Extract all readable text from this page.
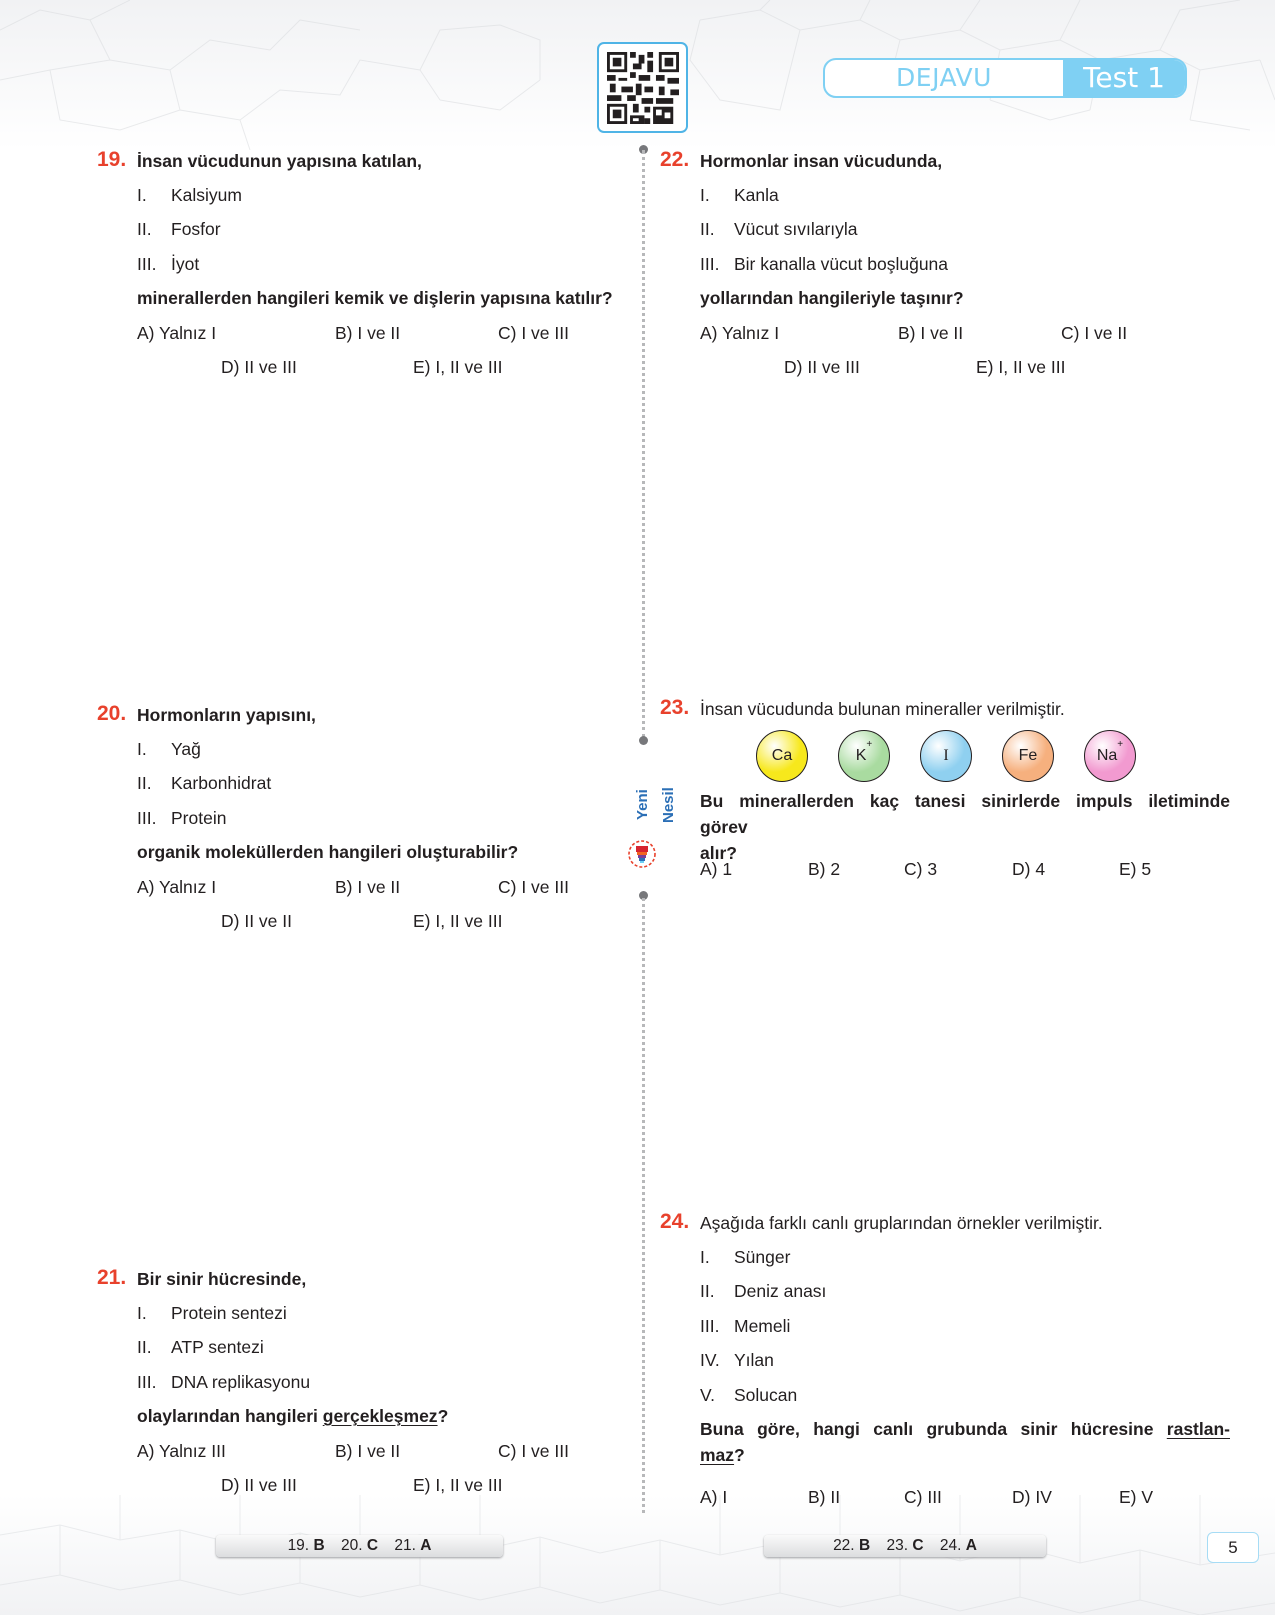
DEJAVU	Test 1
Yeni Nesil
19. İnsan vücudunun yapısına katılan,
I. Kalsiyum
II. Fosfor
III. İyot
minerallerden hangileri kemik ve dişlerin yapısına katılır?
A) Yalnız I	B) I ve II	C) I ve III
D) II ve III	E) I, II ve III
20. Hormonların yapısını,
I. Yağ
II. Karbonhidrat
III. Protein
organik moleküllerden hangileri oluşturabilir?
A) Yalnız I	B) I ve II	C) I ve III
D) II ve II	E) I, II ve III
21. Bir sinir hücresinde,
I. Protein sentezi
II. ATP sentezi
III. DNA replikasyonu
olaylarından hangileri gerçekleşmez?
A) Yalnız III	B) I ve II	C) I ve III
D) II ve III	E) I, II ve III
22. Hormonlar insan vücudunda,
I. Kanla
II. Vücut sıvılarıyla
III. Bir kanalla vücut boşluğuna
yollarından hangileriyle taşınır?
A) Yalnız I	B) I ve II	C) I ve II
D) II ve III	E) I, II ve III
23. İnsan vücudunda bulunan mineraller verilmiştir.
Bu minerallerden kaç tanesi sinirlerde impuls iletiminde
görev alır?
A) 1	B) 2	C) 3	D) 4	E) 5
Ca	K+
I	Fe	Na+
24. Aşağıda farklı canlı gruplarından örnekler verilmiştir.
I. Sünger
II. Deniz anası
III. Memeli
IV. Yılan
V. Solucan
Buna göre, hangi canlı grubunda sinir hücresine rastlan-
maz?
A) I	B) II	C) III	D) IV	E) V
19. B 20. C 21. A	22. B 23. C 24. A	5
